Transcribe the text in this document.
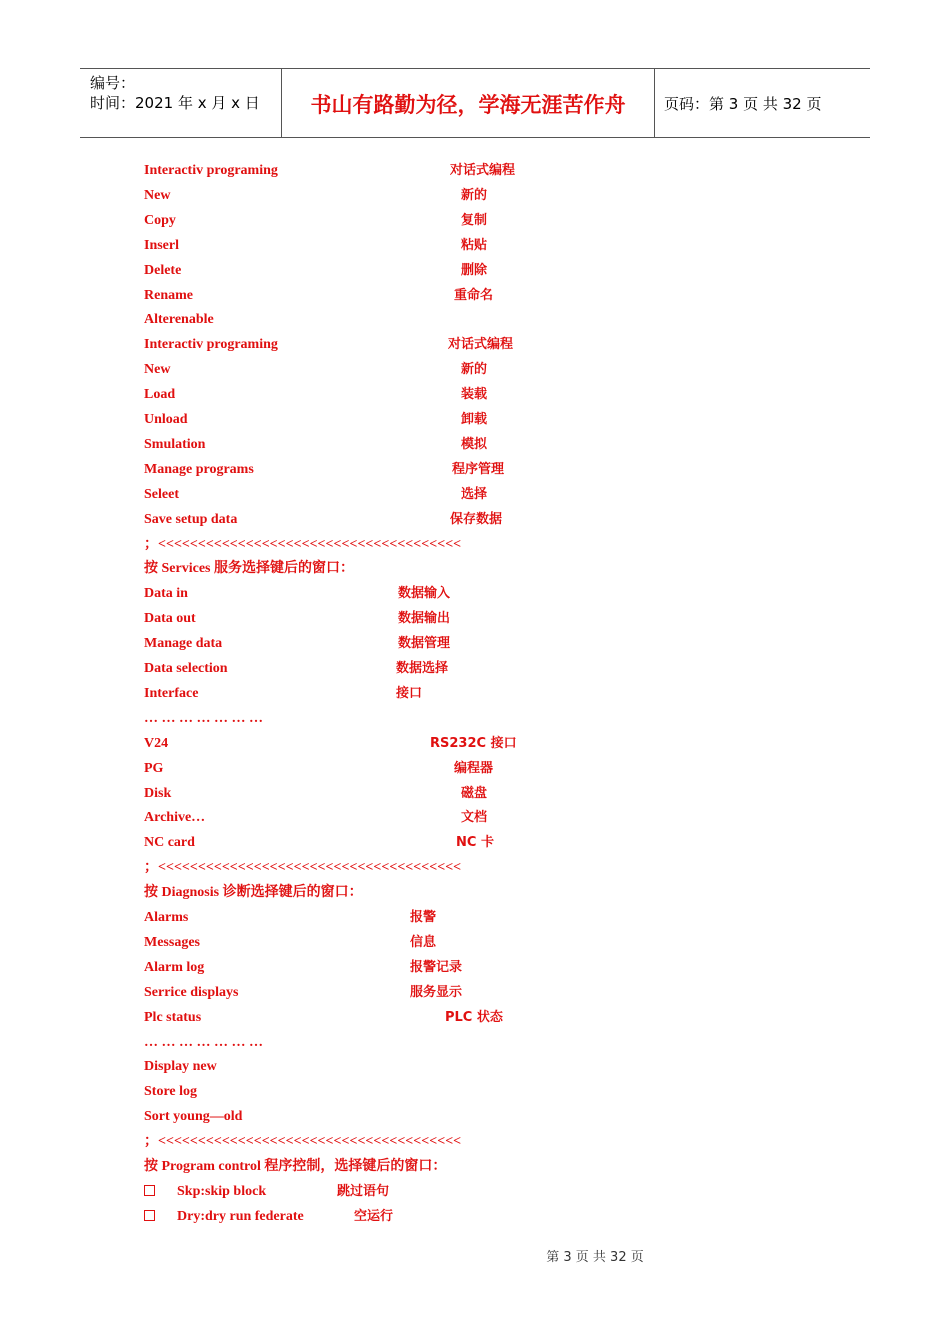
编号：
时间：2021 年 x 月 x 日	书山有路勤为径，学海无涯苦作舟	页码：第 3 页 共 32 页
Interactiv programing	对话式编程
New	新的
Copy	复制
Inserl	粘贴
Delete	删除
Rename	重命名
Alterenable
Interactiv programing	对话式编程
New	新的
Load	装载
Unload	卸载
Smulation	模拟
Manage programs	程序管理
Seleet	选择
Save setup data	保存数据
；<<<<<<<<<<<<<<<<<<<<<<<<<<<<<<<<<<<<<<
按 Services 服务选择键后的窗口：
Data in	数据输入
Data out	数据输出
Manage data	数据管理
Data selection	数据选择
Interface	接口
… … … … … … …
V24	RS232C 接口
PG	编程器
Disk	磁盘
Archive…	文档
NC card	NC 卡
；<<<<<<<<<<<<<<<<<<<<<<<<<<<<<<<<<<<<<<
按 Diagnosis 诊断选择键后的窗口：
Alarms	报警
Messages	信息
Alarm log	报警记录
Serrice displays	服务显示
Plc status	PLC 状态
… … … … … … …
Display new
Store log
Sort young—old
；<<<<<<<<<<<<<<<<<<<<<<<<<<<<<<<<<<<<<<
按 Program control 程序控制，选择键后的窗口：
Skp:skip block	跳过语句
Dry:dry run federate	空运行
第 3 页 共 32 页
